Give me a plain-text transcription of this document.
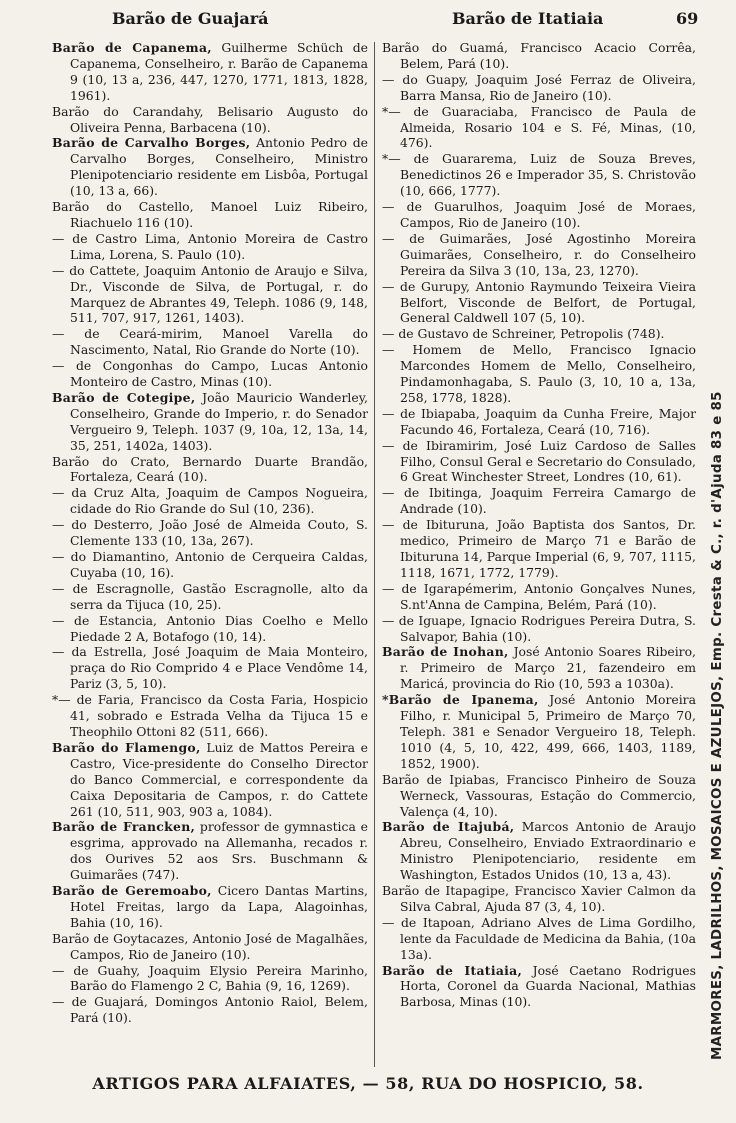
Barão de Guajará	Barão de Itatiaia	69

Barão de Capanema, Guilherme Schüch de Capanema, Conselheiro, r. Barão de Capanema 9 (10, 13 a, 236, 447, 1270, 1771, 1813, 1828, 1961).

Barão do Carandahy, Belisario Augusto do Oliveira Penna, Barbacena (10).

Barão de Carvalho Borges, Antonio Pedro de Carvalho Borges, Conselheiro, Ministro Plenipotenciario residente em Lisbôa, Portugal (10, 13 a, 66).

Barão do Castello, Manoel Luiz Ribeiro, Riachuelo 116 (10).

— de Castro Lima, Antonio Moreira de Castro Lima, Lorena, S. Paulo (10).

— do Cattete, Joaquim Antonio de Araujo e Silva, Dr., Visconde de Silva, de Portugal, r. do Marquez de Abrantes 49, Teleph. 1086 (9, 148, 511, 707, 917, 1261, 1403).

— de Ceará-mirim, Manoel Varella do Nascimento, Natal, Rio Grande do Norte (10).

— de Congonhas do Campo, Lucas Antonio Monteiro de Castro, Minas (10).

Barão de Cotegipe, João Mauricio Wanderley, Conselheiro, Grande do Imperio, r. do Senador Vergueiro 9, Teleph. 1037 (9, 10a, 12, 13a, 14, 35, 251, 1402a, 1403).

Barão do Crato, Bernardo Duarte Brandão, Fortaleza, Ceará (10).

— da Cruz Alta, Joaquim de Campos Nogueira, cidade do Rio Grande do Sul (10, 236).

— do Desterro, João José de Almeida Couto, S. Clemente 133 (10, 13a, 267).

— do Diamantino, Antonio de Cerqueira Caldas, Cuyaba (10, 16).

— de Escragnolle, Gastão Escragnolle, alto da serra da Tijuca (10, 25).

— de Estancia, Antonio Dias Coelho e Mello Piedade 2 A, Botafogo (10, 14).

— da Estrella, José Joaquim de Maia Monteiro, praça do Rio Comprido 4 e Place Vendôme 14, Pariz (3, 5, 10).

*— de Faria, Francisco da Costa Faria, Hospicio 41, sobrado e Estrada Velha da Tijuca 15 e Theophilo Ottoni 82 (511, 666).

Barão do Flamengo, Luiz de Mattos Pereira e Castro, Vice-presidente do Conselho Director do Banco Commercial, e correspondente da Caixa Depositaria de Campos, r. do Cattete 261 (10, 511, 903, 903 a, 1084).

Barão de Francken, professor de gymnastica e esgrima, approvado na Allemanha, recados r. dos Ourives 52 aos Srs. Buschmann & Guimarães (747).

Barão de Geremoabo, Cicero Dantas Martins, Hotel Freitas, largo da Lapa, Alagoinhas, Bahia (10, 16).

Barão de Goytacazes, Antonio José de Magalhães, Campos, Rio de Janeiro (10).

— de Guahy, Joaquim Elysio Pereira Marinho, Barão do Flamengo 2 C, Bahia (9, 16, 1269).

— de Guajará, Domingos Antonio Raiol, Belem, Pará (10).

Barão do Guamá, Francisco Acacio Corrêa, Belem, Pará (10).

— do Guapy, Joaquim José Ferraz de Oliveira, Barra Mansa, Rio de Janeiro (10).

*— de Guaraciaba, Francisco de Paula de Almeida, Rosario 104 e S. Fé, Minas, (10, 476).

*— de Guararema, Luiz de Souza Breves, Benedictinos 26 e Imperador 35, S. Christovão (10, 666, 1777).

— de Guarulhos, Joaquim José de Moraes, Campos, Rio de Janeiro (10).

— de Guimarães, José Agostinho Moreira Guimarães, Conselheiro, r. do Conselheiro Pereira da Silva 3 (10, 13a, 23, 1270).

— de Gurupy, Antonio Raymundo Teixeira Vieira Belfort, Visconde de Belfort, de Portugal, General Caldwell 107 (5, 10).

— de Gustavo de Schreiner, Petropolis (748).

— Homem de Mello, Francisco Ignacio Marcondes Homem de Mello, Conselheiro, Pindamonhagaba, S. Paulo (3, 10, 10 a, 13a, 258, 1778, 1828).

— de Ibiapaba, Joaquim da Cunha Freire, Major Facundo 46, Fortaleza, Ceará (10, 716).

— de Ibiramirim, José Luiz Cardoso de Salles Filho, Consul Geral e Secretario do Consulado, 6 Great Winchester Street, Londres (10, 61).

— de Ibitinga, Joaquim Ferreira Camargo de Andrade (10).

— de Ibituruna, João Baptista dos Santos, Dr. medico, Primeiro de Março 71 e Barão de Ibituruna 14, Parque Imperial (6, 9, 707, 1115, 1118, 1671, 1772, 1779).

— de Igarapémerim, Antonio Gonçalves Nunes, S.nt'Anna de Campina, Belém, Pará (10).

— de Iguape, Ignacio Rodrigues Pereira Dutra, S. Salvapor, Bahia (10).

Barão de Inohan, José Antonio Soares Ribeiro, r. Primeiro de Março 21, fazendeiro em Maricá, provincia do Rio (10, 593 a 1030a).

*Barão de Ipanema, José Antonio Moreira Filho, r. Municipal 5, Primeiro de Março 70, Teleph. 381 e Senador Vergueiro 18, Teleph. 1010 (4, 5, 10, 422, 499, 666, 1403, 1189, 1852, 1900).

Barão de Ipiabas, Francisco Pinheiro de Souza Werneck, Vassouras, Estação do Commercio, Valença (4, 10).

Barão de Itajubá, Marcos Antonio de Araujo Abreu, Conselheiro, Enviado Extraordinario e Ministro Plenipotenciario, residente em Washington, Estados Unidos (10, 13 a, 43).

Barão de Itapagipe, Francisco Xavier Calmon da Silva Cabral, Ajuda 87 (3, 4, 10).

— de Itapoan, Adriano Alves de Lima Gordilho, lente da Faculdade de Medicina da Bahia, (10a 13a).

Barão de Itatiaia, José Caetano Rodrigues Horta, Coronel da Guarda Nacional, Mathias Barbosa, Minas (10).	MARMORES, LADRILHOS, MOSAICOS E AZULEJOS, Emp. Cresta & C., r. d'Ajuda 83 e 85
ARTIGOS PARA ALFAIATES, — 58, RUA DO HOSPICIO, 58.
